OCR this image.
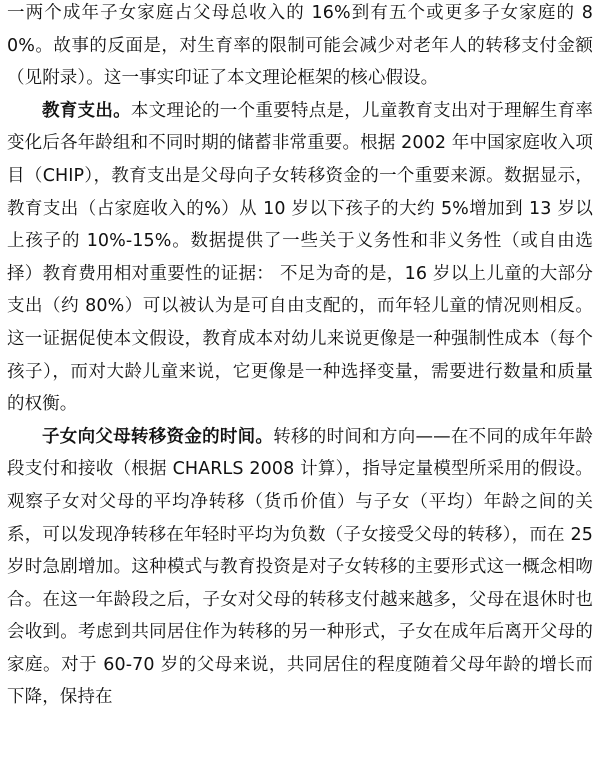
一两个成年子女家庭占父母总收入的 16%到有五个或更多子女家庭的 80%。故事的反面是，对生育率的限制可能会减少对老年人的转移支付金额（见附录）。这一事实印证了本文理论框架的核心假设。

教育支出。本文理论的一个重要特点是，儿童教育支出对于理解生育率变化后各年龄组和不同时期的储蓄非常重要。根据 2002 年中国家庭收入项目（CHIP），教育支出是父母向子女转移资金的一个重要来源。数据显示，教育支出（占家庭收入的%）从 10 岁以下孩子的大约 5%增加到 13 岁以上孩子的 10%-15%。数据提供了一些关于义务性和非义务性（或自由选择）教育费用相对重要性的证据： 不足为奇的是，16 岁以上儿童的大部分支出（约 80%）可以被认为是可自由支配的，而年轻儿童的情况则相反。这一证据促使本文假设，教育成本对幼儿来说更像是一种强制性成本（每个孩子），而对大龄儿童来说，它更像是一种选择变量，需要进行数量和质量的权衡。

子女向父母转移资金的时间。转移的时间和方向——在不同的成年年龄段支付和接收（根据 CHARLS 2008 计算），指导定量模型所采用的假设。观察子女对父母的平均净转移（货币价值）与子女（平均）年龄之间的关系，可以发现净转移在年轻时平均为负数（子女接受父母的转移），而在 25 岁时急剧增加。这种模式与教育投资是对子女转移的主要形式这一概念相吻合。在这一年龄段之后，子女对父母的转移支付越来越多，父母在退休时也会收到。考虑到共同居住作为转移的另一种形式，子女在成年后离开父母的家庭。对于 60-70 岁的父母来说，共同居住的程度随着父母年龄的增长而下降，保持在
